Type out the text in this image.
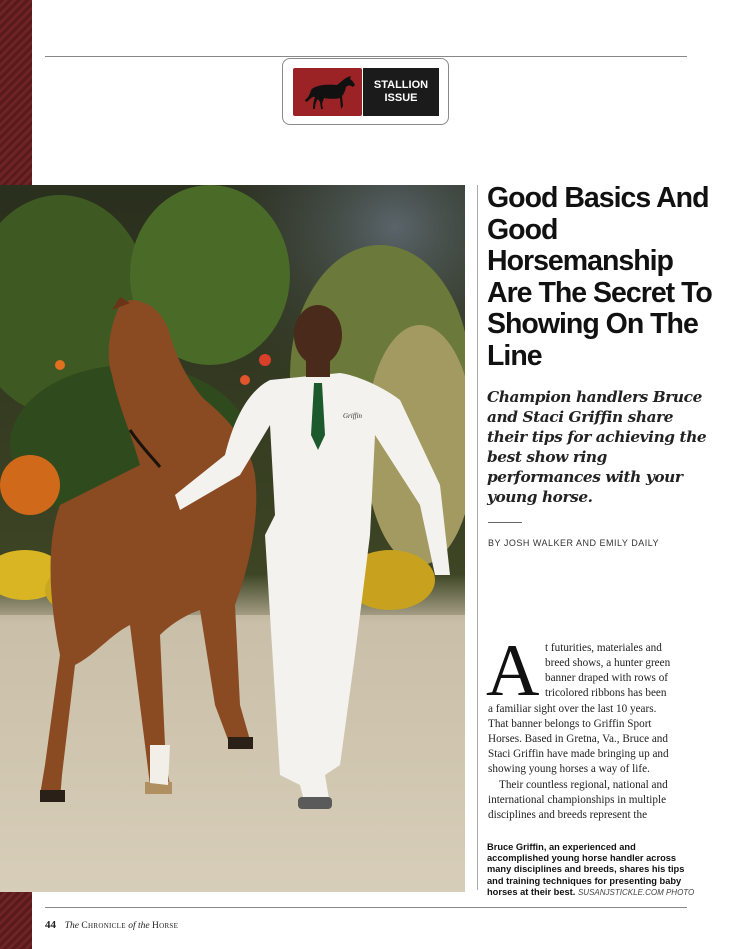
STALLION
ISSUE
Griffin
Good Basics And Good Horsemanship Are The Secret To Showing On The Line

Champion handlers Bruce and Staci Griffin share their tips for achieving the best show ring performances with your young horse.

BY JOSH WALKER AND EMILY DAILY
A t futurities, materiales and
breed shows, a hunter green
banner draped with rows of
tricolored ribbons has been
a familiar sight over the last 10 years.
That banner belongs to Griffin Sport
Horses. Based in Gretna, Va., Bruce and
Staci Griffin have made bringing up and
showing young horses a way of life.
Their countless regional, national and
international championships in multiple
disciplines and breeds represent the

Bruce Griffin, an experienced and accomplished young horse handler across many disciplines and breeds, shares his tips and training techniques for presenting baby horses at their best. SUSANJSTICKLE.COM PHOTO

44 The Chronicle of the Horse
